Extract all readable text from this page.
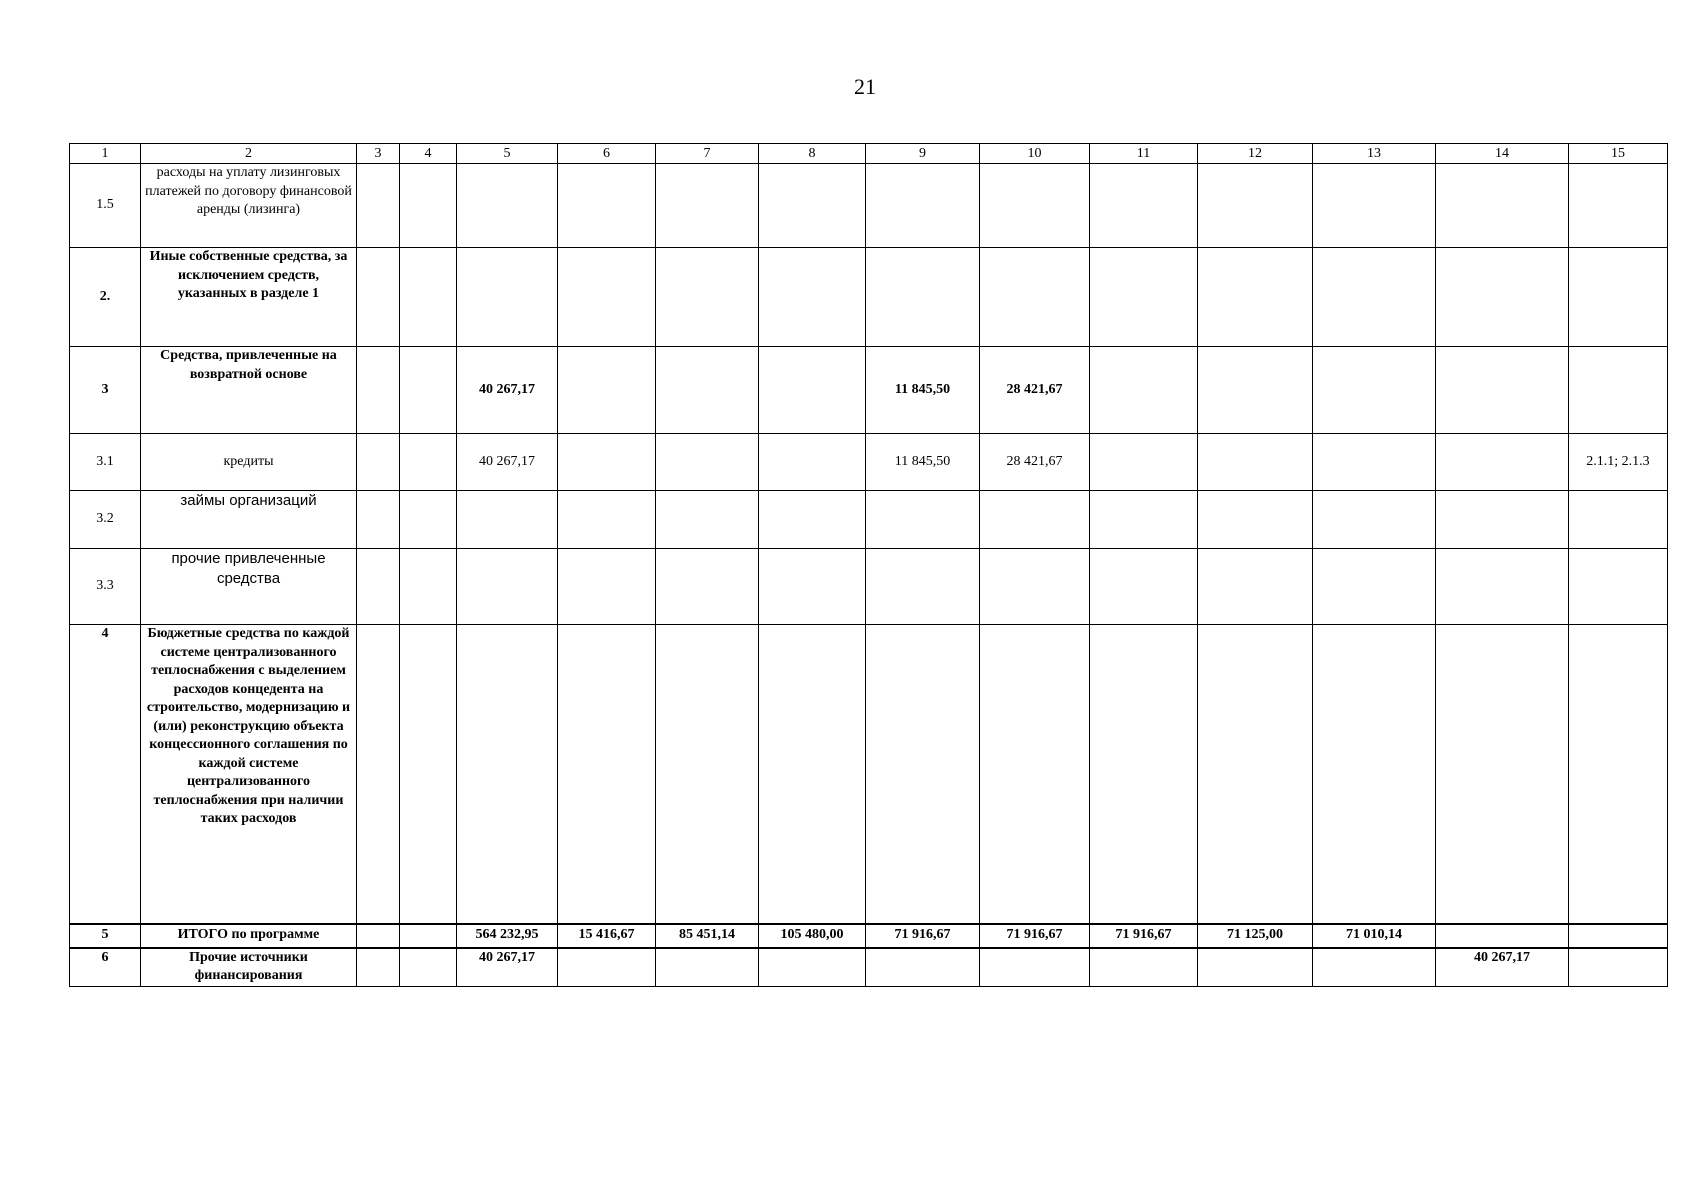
21
1	2	3	4	5	6	7	8	9	10	11	12	13	14	15
1.5	расходы на уплату лизинговых платежей по договору финансовой аренды (лизинга)													
2.	Иные собственные средства, за исключением средств, указанных в разделе 1													
3	Средства, привлеченные на возвратной основе			40 267,17				11 845,50	28 421,67					
3.1	кредиты			40 267,17				11 845,50	28 421,67					2.1.1; 2.1.3
3.2	займы организаций													
3.3	прочие привлеченные средства													
4	Бюджетные средства по каждой системе централизованного теплоснабжения с выделением расходов концедента на строительство, модернизацию и (или) реконструкцию объекта концессионного соглашения по каждой системе централизованного теплоснабжения при наличии таких расходов													
5	ИТОГО по программе			564 232,95	15 416,67	85 451,14	105 480,00	71 916,67	71 916,67	71 916,67	71 125,00	71 010,14		
6	Прочие источники финансирования			40 267,17									40 267,17	
